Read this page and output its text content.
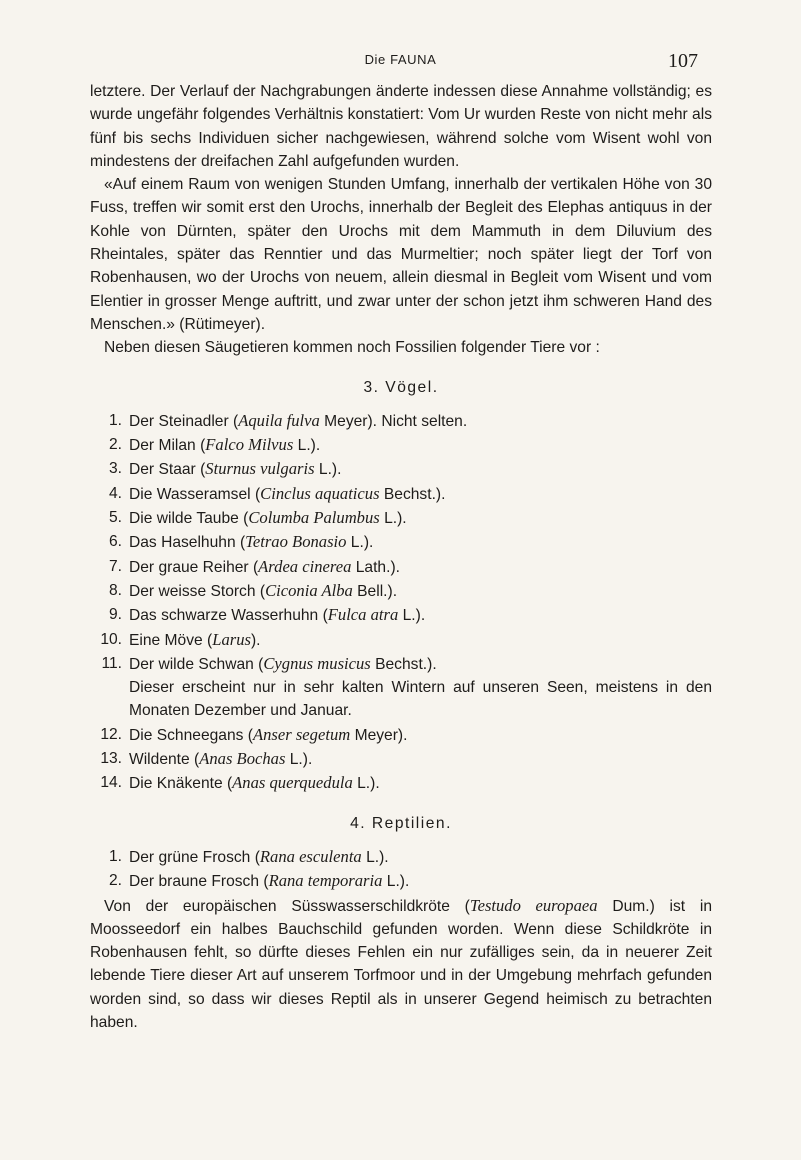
Die FAUNA	107

letztere. Der Verlauf der Nachgrabungen änderte indessen diese Annahme vollständig; es wurde ungefähr folgendes Verhältnis konstatiert: Vom Ur wurden Reste von nicht mehr als fünf bis sechs Individuen sicher nachgewiesen, während solche vom Wisent wohl von mindestens der dreifachen Zahl aufgefunden wurden.

«Auf einem Raum von wenigen Stunden Umfang, innerhalb der vertikalen Höhe von 30 Fuss, treffen wir somit erst den Urochs, innerhalb der Begleit des Elephas antiquus in der Kohle von Dürnten, später den Urochs mit dem Mammuth in dem Diluvium des Rheintales, später das Renntier und das Murmeltier; noch später liegt der Torf von Robenhausen, wo der Urochs von neuem, allein diesmal in Begleit vom Wisent und vom Elentier in grosser Menge auftritt, und zwar unter der schon jetzt ihm schweren Hand des Menschen.» (Rütimeyer).

Neben diesen Säugetieren kommen noch Fossilien folgender Tiere vor :

3. Vögel.
1. Der Steinadler (Aquila fulva Meyer). Nicht selten.
2. Der Milan (Falco Milvus L.).
3. Der Staar (Sturnus vulgaris L.).
4. Die Wasseramsel (Cinclus aquaticus Bechst.).
5. Die wilde Taube (Columba Palumbus L.).
6. Das Haselhuhn (Tetrao Bonasio L.).
7. Der graue Reiher (Ardea cinerea Lath.).
8. Der weisse Storch (Ciconia Alba Bell.).
9. Das schwarze Wasserhuhn (Fulca atra L.).
10. Eine Möve (Larus).
11. Der wilde Schwan (Cygnus musicus Bechst.).

Dieser erscheint nur in sehr kalten Wintern auf unseren Seen, meistens in den Monaten Dezember und Januar.

12. Die Schneegans (Anser segetum Meyer).
13. Wildente (Anas Bochas L.).
14. Die Knäkente (Anas querquedula L.).
4. Reptilien.
1. Der grüne Frosch (Rana esculenta L.).
2. Der braune Frosch (Rana temporaria L.).

Von der europäischen Süsswasserschildkröte (Testudo europaea Dum.) ist in Moosseedorf ein halbes Bauchschild gefunden worden. Wenn diese Schildkröte in Robenhausen fehlt, so dürfte dieses Fehlen ein nur zufälliges sein, da in neuerer Zeit lebende Tiere dieser Art auf unserem Torfmoor und in der Umgebung mehrfach gefunden worden sind, so dass wir dieses Reptil als in unserer Gegend heimisch zu betrachten haben.
